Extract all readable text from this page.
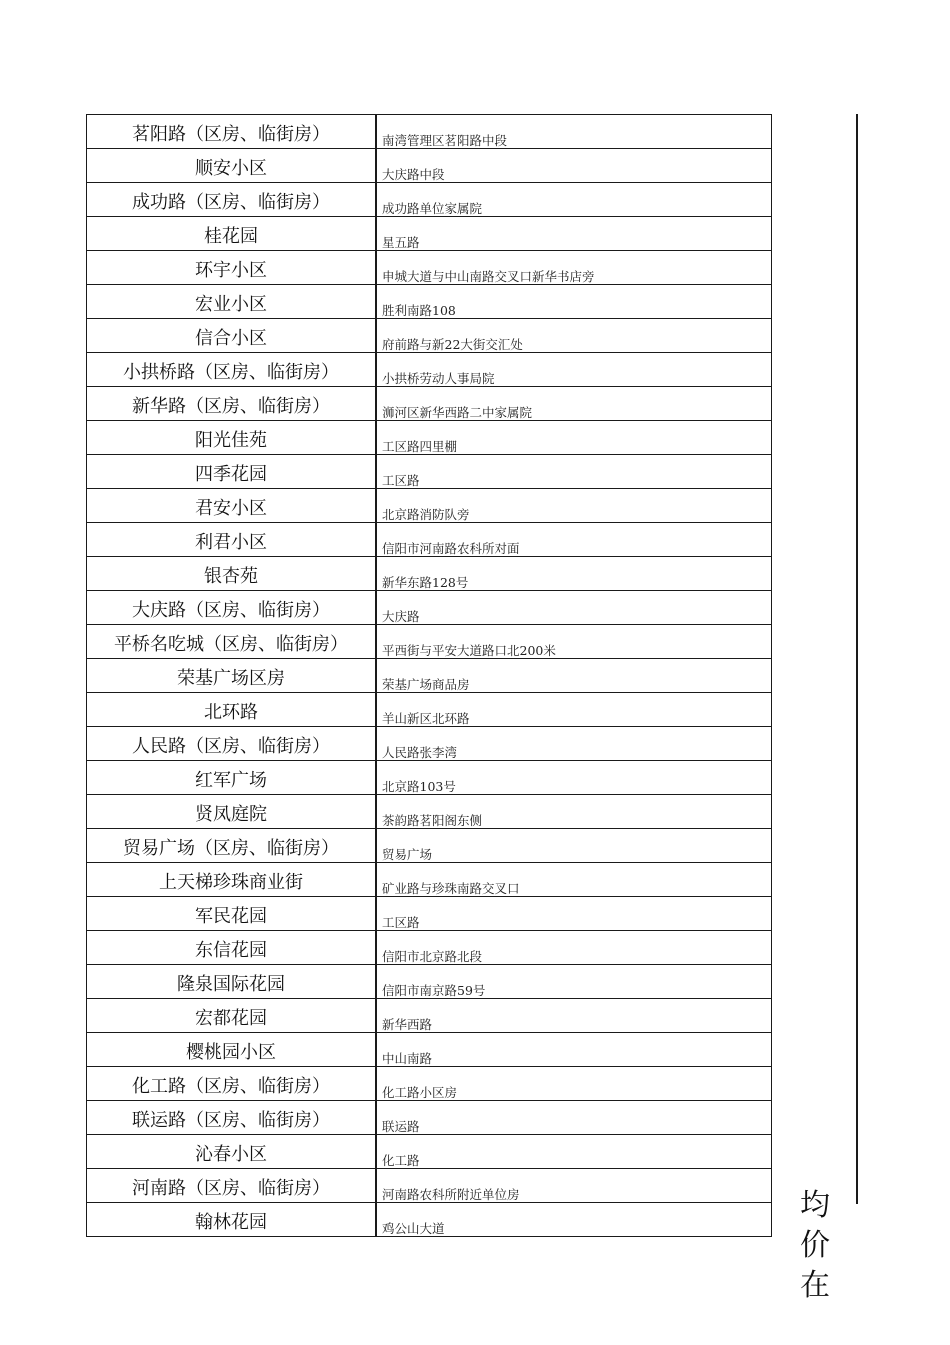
茗阳路（区房、临街房）	南湾管理区茗阳路中段
顺安小区	大庆路中段
成功路（区房、临街房）	成功路单位家属院
桂花园	星五路
环宇小区	申城大道与中山南路交叉口新华书店旁
宏业小区	胜利南路108
信合小区	府前路与新22大街交汇处
小拱桥路（区房、临街房）	小拱桥劳动人事局院
新华路（区房、临街房）	浉河区新华西路二中家属院
阳光佳苑	工区路四里棚
四季花园	工区路
君安小区	北京路消防队旁
利君小区	信阳市河南路农科所对面
银杏苑	新华东路128号
大庆路（区房、临街房）	大庆路
平桥名吃城（区房、临街房）	平西街与平安大道路口北200米
荣基广场区房	荣基广场商品房
北环路	羊山新区北环路
人民路（区房、临街房）	人民路张李湾
红军广场	北京路103号
贤凤庭院	茶韵路茗阳阁东侧
贸易广场（区房、临街房）	贸易广场
上天梯珍珠商业街	矿业路与珍珠南路交叉口
军民花园	工区路
东信花园	信阳市北京路北段
隆泉国际花园	信阳市南京路59号
宏都花园	新华西路
樱桃园小区	中山南路
化工路（区房、临街房）	化工路小区房
联运路（区房、临街房）	联运路
沁春小区	化工路
河南路（区房、临街房）	河南路农科所附近单位房
翰林花园	鸡公山大道
均
价
在
